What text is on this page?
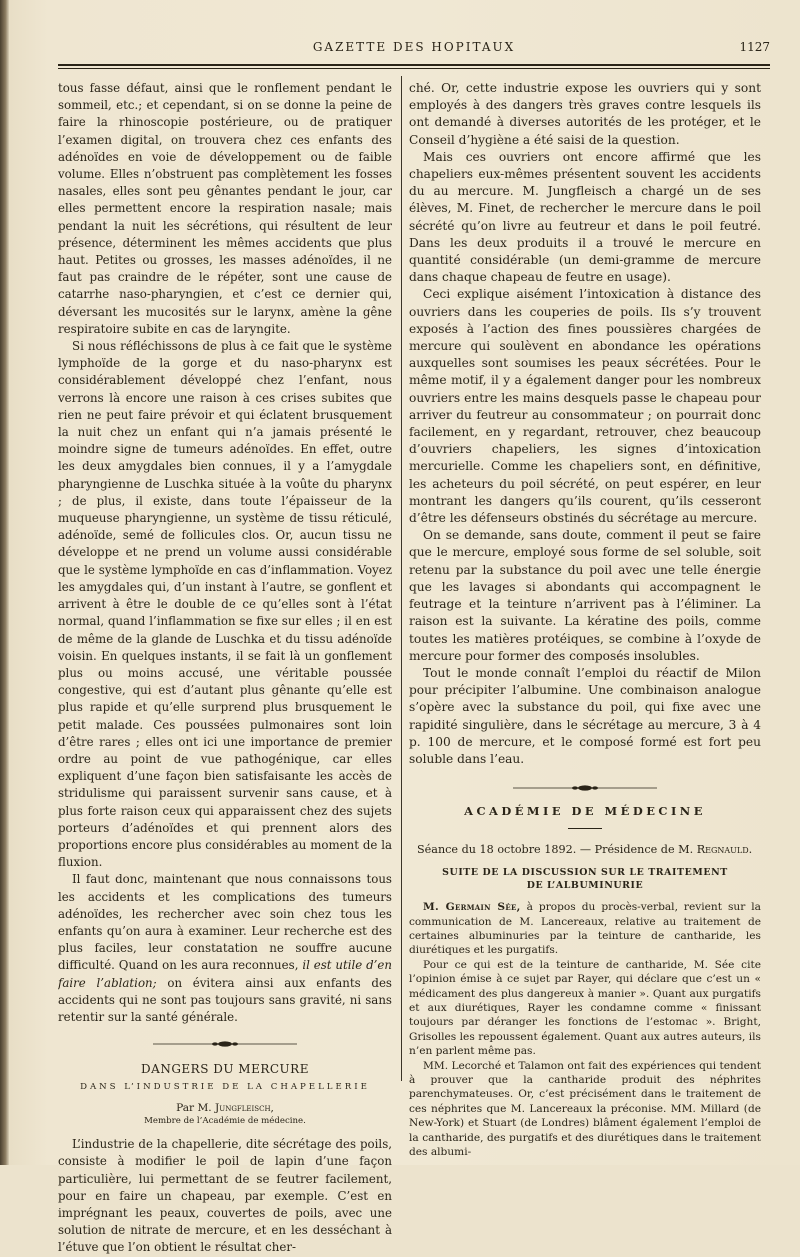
GAZETTE DES HOPITAUX	1127

tous fasse défaut, ainsi que le ronflement pendant le sommeil, etc.; et cependant, si on se donne la peine de faire la rhinoscopie postérieure, ou de pratiquer l’examen digital, on trouvera chez ces enfants des adénoïdes en voie de développement ou de faible volume. Elles n’obstruent pas complètement les fosses nasales, elles sont peu gênantes pendant le jour, car elles permettent encore la respiration nasale; mais pendant la nuit les sécrétions, qui résultent de leur présence, déterminent les mêmes accidents que plus haut. Petites ou grosses, les masses adénoïdes, il ne faut pas craindre de le répéter, sont une cause de catarrhe naso-pharyngien, et c’est ce dernier qui, déversant les mucosités sur le larynx, amène la gêne respiratoire subite en cas de laryngite.

Si nous réfléchissons de plus à ce fait que le système lymphoïde de la gorge et du naso-pharynx est considérablement développé chez l’enfant, nous verrons là encore une raison à ces crises subites que rien ne peut faire prévoir et qui éclatent brusquement la nuit chez un enfant qui n’a jamais présenté le moindre signe de tumeurs adénoïdes. En effet, outre les deux amygdales bien connues, il y a l’amygdale pharyngienne de Luschka située à la voûte du pharynx ; de plus, il existe, dans toute l’épaisseur de la muqueuse pharyngienne, un système de tissu réticulé, adénoïde, semé de follicules clos. Or, aucun tissu ne développe et ne prend un volume aussi considérable que le système lymphoïde en cas d’inflammation. Voyez les amygdales qui, d’un instant à l’autre, se gonflent et arrivent à être le double de ce qu’elles sont à l’état normal, quand l’inflammation se fixe sur elles ; il en est de même de la glande de Luschka et du tissu adénoïde voisin. En quelques instants, il se fait là un gonflement plus ou moins accusé, une véritable poussée congestive, qui est d’autant plus gênante qu’elle est plus rapide et qu’elle surprend plus brusquement le petit malade. Ces poussées pulmonaires sont loin d’être rares ; elles ont ici une importance de premier ordre au point de vue pathogénique, car elles expliquent d’une façon bien satisfaisante les accès de stridulisme qui paraissent survenir sans cause, et à plus forte raison ceux qui apparaissent chez des sujets porteurs d’adénoïdes et qui prennent alors des proportions encore plus considérables au moment de la fluxion.

Il faut donc, maintenant que nous connaissons tous les accidents et les complications des tumeurs adénoïdes, les rechercher avec soin chez tous les enfants qu’on aura à examiner. Leur recherche est des plus faciles, leur constatation ne souffre aucune difficulté. Quand on les aura reconnues, il est utile d’en faire l’ablation; on évitera ainsi aux enfants des accidents qui ne sont pas toujours sans gravité, ni sans retentir sur la santé générale.

DANGERS DU MERCURE
DANS L’INDUSTRIE DE LA CHAPELLERIE
Par M. Jungfleisch,
Membre de l’Académie de médecine.

L’industrie de la chapellerie, dite sécrétage des poils, consiste à modifier le poil de lapin d’une façon particulière, lui permettant de se feutrer facilement, pour en faire un chapeau, par exemple. C’est en imprégnant les peaux, couvertes de poils, avec une solution de nitrate de mercure, et en les desséchant à l’étuve que l’on obtient le résultat cher-

ché. Or, cette industrie expose les ouvriers qui y sont employés à des dangers très graves contre lesquels ils ont demandé à diverses autorités de les protéger, et le Conseil d’hygiène a été saisi de la question.

Mais ces ouvriers ont encore affirmé que les chapeliers eux-mêmes présentent souvent les accidents du au mercure. M. Jungfleisch a chargé un de ses élèves, M. Finet, de rechercher le mercure dans le poil sécrété qu’on livre au feutreur et dans le poil feutré. Dans les deux produits il a trouvé le mercure en quantité considérable (un demi-gramme de mercure dans chaque chapeau de feutre en usage).

Ceci explique aisément l’intoxication à distance des ouvriers dans les couperies de poils. Ils s’y trouvent exposés à l’action des fines poussières chargées de mercure qui soulèvent en abondance les opérations auxquelles sont soumises les peaux sécrétées. Pour le même motif, il y a également danger pour les nombreux ouvriers entre les mains desquels passe le chapeau pour arriver du feutreur au consommateur ; on pourrait donc facilement, en y regardant, retrouver, chez beaucoup d’ouvriers chapeliers, les signes d’intoxication mercurielle. Comme les chapeliers sont, en définitive, les acheteurs du poil sécrété, on peut espérer, en leur montrant les dangers qu’ils courent, qu’ils cesseront d’être les défenseurs obstinés du sécrétage au mercure.

On se demande, sans doute, comment il peut se faire que le mercure, employé sous forme de sel soluble, soit retenu par la substance du poil avec une telle énergie que les lavages si abondants qui accompagnent le feutrage et la teinture n’arrivent pas à l’éliminer. La raison est la suivante. La kératine des poils, comme toutes les matières protéiques, se combine à l’oxyde de mercure pour former des composés insolubles.

Tout le monde connaît l’emploi du réactif de Milon pour précipiter l’albumine. Une combinaison analogue s’opère avec la substance du poil, qui fixe avec une rapidité singulière, dans le sécrétage au mercure, 3 à 4 p. 100 de mercure, et le composé formé est fort peu soluble dans l’eau.

ACADÉMIE DE MÉDECINE
Séance du 18 octobre 1892. — Présidence de M. Regnauld.
SUITE DE LA DISCUSSION SUR LE TRAITEMENT
DE L’ALBUMINURIE

M. Germain Sée, à propos du procès-verbal, revient sur la communication de M. Lancereaux, relative au traitement de certaines albuminuries par la teinture de cantharide, les diurétiques et les purgatifs.

Pour ce qui est de la teinture de cantharide, M. Sée cite l’opinion émise à ce sujet par Rayer, qui déclare que c’est un « médicament des plus dangereux à manier ». Quant aux purgatifs et aux diurétiques, Rayer les condamne comme « finissant toujours par déranger les fonctions de l’estomac ». Bright, Grisolles les repoussent également. Quant aux autres auteurs, ils n’en parlent même pas.

MM. Lecorché et Talamon ont fait des expériences qui tendent à prouver que la cantharide produit des néphrites parenchymateuses. Or, c’est précisément dans le traitement de ces néphrites que M. Lancereaux la préconise. MM. Millard (de New-York) et Stuart (de Londres) blâment également l’emploi de la cantharide, des purgatifs et des diurétiques dans le traitement des albumi-
